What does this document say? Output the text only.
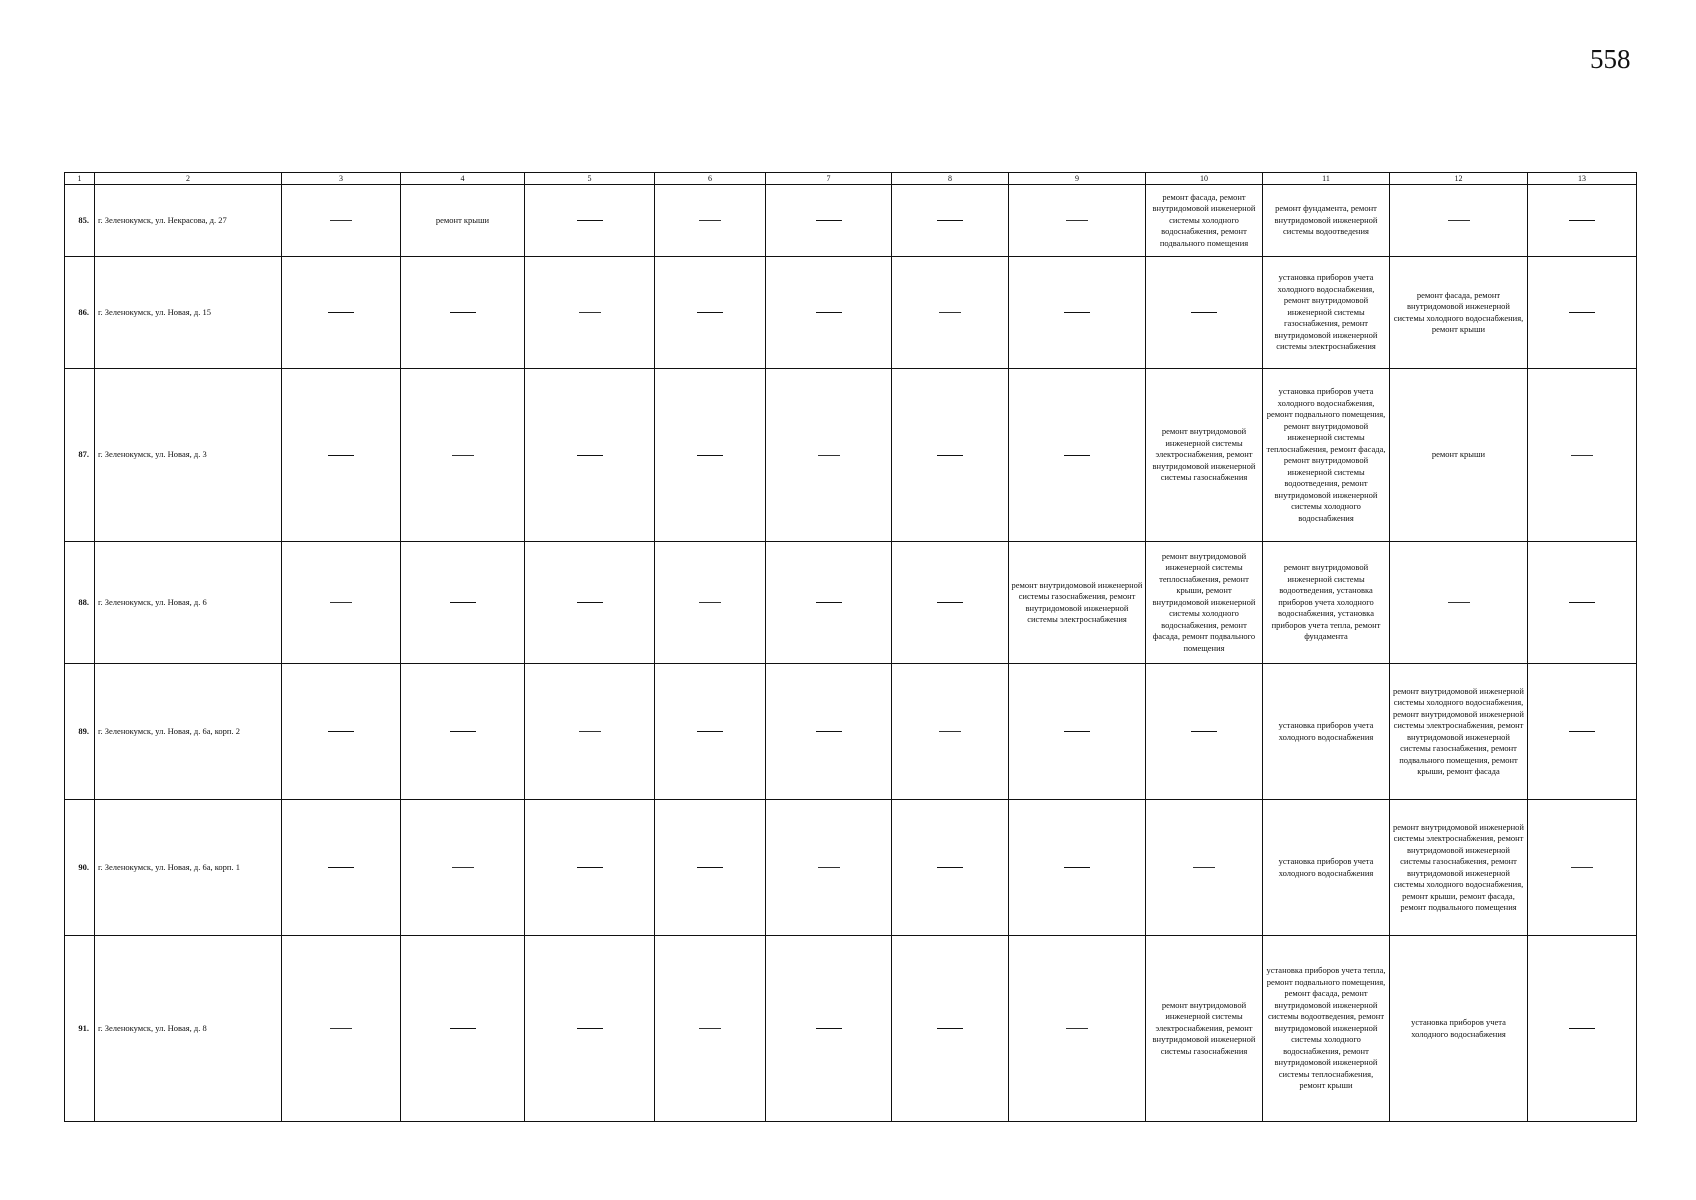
558
1	2	3	4	5	6	7	8	9	10	11	12	13
85.	г. Зеленокумск, ул. Некрасова, д. 27		ремонт крыши						ремонт фасада, ремонт внутридомовой инженерной системы холодного водоснабжения, ремонт подвального помещения	ремонт фундамента, ремонт внутридомовой инженерной системы водоотведения		
86.	г. Зеленокумск, ул. Новая, д. 15									установка приборов учета холодного водоснабжения, ремонт внутридомовой инженерной системы газоснабжения, ремонт внутридомовой инженерной системы электроснабжения	ремонт фасада, ремонт внутридомовой инженерной системы холодного водоснабжения, ремонт крыши	
87.	г. Зеленокумск, ул. Новая, д. 3								ремонт внутридомовой инженерной системы электроснабжения, ремонт внутридомовой инженерной системы газоснабжения	установка приборов учета холодного водоснабжения, ремонт подвального помещения, ремонт внутридомовой инженерной системы теплоснабжения, ремонт фасада, ремонт внутридомовой инженерной системы водоотведения, ремонт внутридомовой инженерной системы холодного водоснабжения	ремонт крыши	
88.	г. Зеленокумск, ул. Новая, д. 6							ремонт внутридомовой инженерной системы газоснабжения, ремонт внутридомовой инженерной системы электроснабжения	ремонт внутридомовой инженерной системы теплоснабжения, ремонт крыши, ремонт внутридомовой инженерной системы холодного водоснабжения, ремонт фасада, ремонт подвального помещения	ремонт внутридомовой инженерной системы водоотведения, установка приборов учета холодного водоснабжения, установка приборов учета тепла, ремонт фундамента		
89.	г. Зеленокумск, ул. Новая, д. 6а, корп. 2									установка приборов учета холодного водоснабжения	ремонт внутридомовой инженерной системы холодного водоснабжения, ремонт внутридомовой инженерной системы электроснабжения, ремонт внутридомовой инженерной системы газоснабжения, ремонт подвального помещения, ремонт крыши, ремонт фасада	
90.	г. Зеленокумск, ул. Новая, д. 6а, корп. 1									установка приборов учета холодного водоснабжения	ремонт внутридомовой инженерной системы электроснабжения, ремонт внутридомовой инженерной системы газоснабжения, ремонт внутридомовой инженерной системы холодного водоснабжения, ремонт крыши, ремонт фасада, ремонт подвального помещения	
91.	г. Зеленокумск, ул. Новая, д. 8								ремонт внутридомовой инженерной системы электроснабжения, ремонт внутридомовой инженерной системы газоснабжения	установка приборов учета тепла, ремонт подвального помещения, ремонт фасада, ремонт внутридомовой инженерной системы водоотведения, ремонт внутридомовой инженерной системы холодного водоснабжения, ремонт внутридомовой инженерной системы теплоснабжения, ремонт крыши	установка приборов учета холодного водоснабжения	
